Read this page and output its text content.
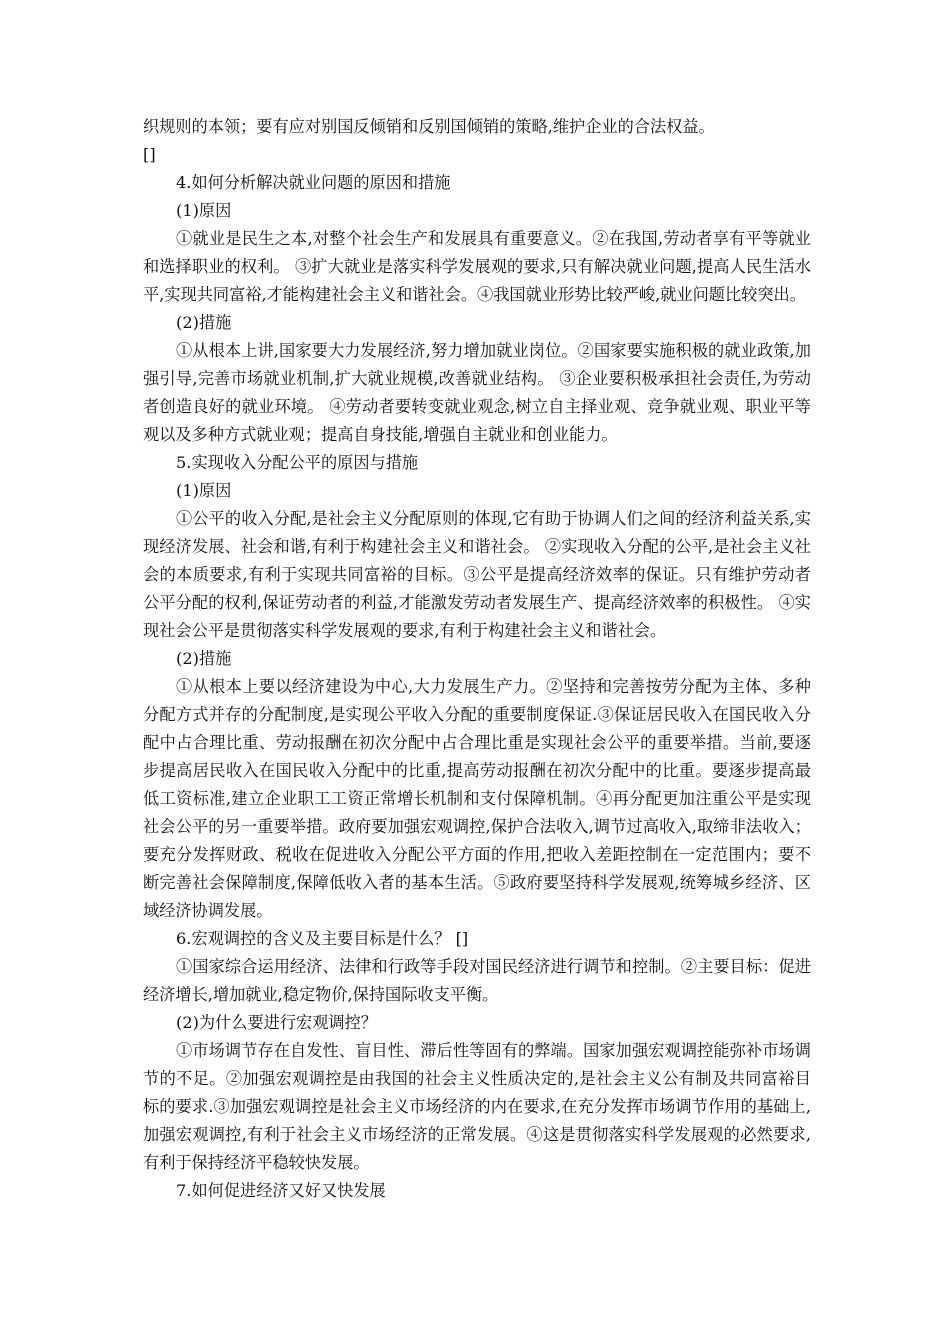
织规则的本领；要有应对别国反倾销和反别国倾销的策略,维护企业的合法权益。

[]

4.如何分析解决就业问题的原因和措施

(1)原因

①就业是民生之本,对整个社会生产和发展具有重要意义。②在我国,劳动者享有平等就业和选择职业的权利。 ③扩大就业是落实科学发展观的要求,只有解决就业问题,提高人民生活水平,实现共同富裕,才能构建社会主义和谐社会。④我国就业形势比较严峻,就业问题比较突出。

(2)措施

①从根本上讲,国家要大力发展经济,努力增加就业岗位。②国家要实施积极的就业政策,加强引导,完善市场就业机制,扩大就业规模,改善就业结构。 ③企业要积极承担社会责任,为劳动者创造良好的就业环境。 ④劳动者要转变就业观念,树立自主择业观、竞争就业观、职业平等观以及多种方式就业观；提高自身技能,增强自主就业和创业能力。

5.实现收入分配公平的原因与措施

(1)原因

①公平的收入分配,是社会主义分配原则的体现,它有助于协调人们之间的经济利益关系,实现经济发展、社会和谐,有利于构建社会主义和谐社会。 ②实现收入分配的公平,是社会主义社会的本质要求,有利于实现共同富裕的目标。③公平是提高经济效率的保证。只有维护劳动者公平分配的权利,保证劳动者的利益,才能激发劳动者发展生产、提高经济效率的积极性。 ④实现社会公平是贯彻落实科学发展观的要求,有利于构建社会主义和谐社会。

(2)措施

①从根本上要以经济建设为中心,大力发展生产力。②坚持和完善按劳分配为主体、多种分配方式并存的分配制度,是实现公平收入分配的重要制度保证.③保证居民收入在国民收入分配中占合理比重、劳动报酬在初次分配中占合理比重是实现社会公平的重要举措。当前,要逐步提高居民收入在国民收入分配中的比重,提高劳动报酬在初次分配中的比重。要逐步提高最低工资标准,建立企业职工工资正常增长机制和支付保障机制。④再分配更加注重公平是实现社会公平的另一重要举措。政府要加强宏观调控,保护合法收入,调节过高收入,取缔非法收入；要充分发挥财政、税收在促进收入分配公平方面的作用,把收入差距控制在一定范围内；要不断完善社会保障制度,保障低收入者的基本生活。⑤政府要坚持科学发展观,统筹城乡经济、区域经济协调发展。

6.宏观调控的含义及主要目标是什么？ []

①国家综合运用经济、法律和行政等手段对国民经济进行调节和控制。②主要目标：促进经济增长,增加就业,稳定物价,保持国际收支平衡。

(2)为什么要进行宏观调控？

①市场调节存在自发性、盲目性、滞后性等固有的弊端。国家加强宏观调控能弥补市场调节的不足。②加强宏观调控是由我国的社会主义性质决定的,是社会主义公有制及共同富裕目标的要求.③加强宏观调控是社会主义市场经济的内在要求,在充分发挥市场调节作用的基础上,加强宏观调控,有利于社会主义市场经济的正常发展。④这是贯彻落实科学发展观的必然要求,有利于保持经济平稳较快发展。

7.如何促进经济又好又快发展
